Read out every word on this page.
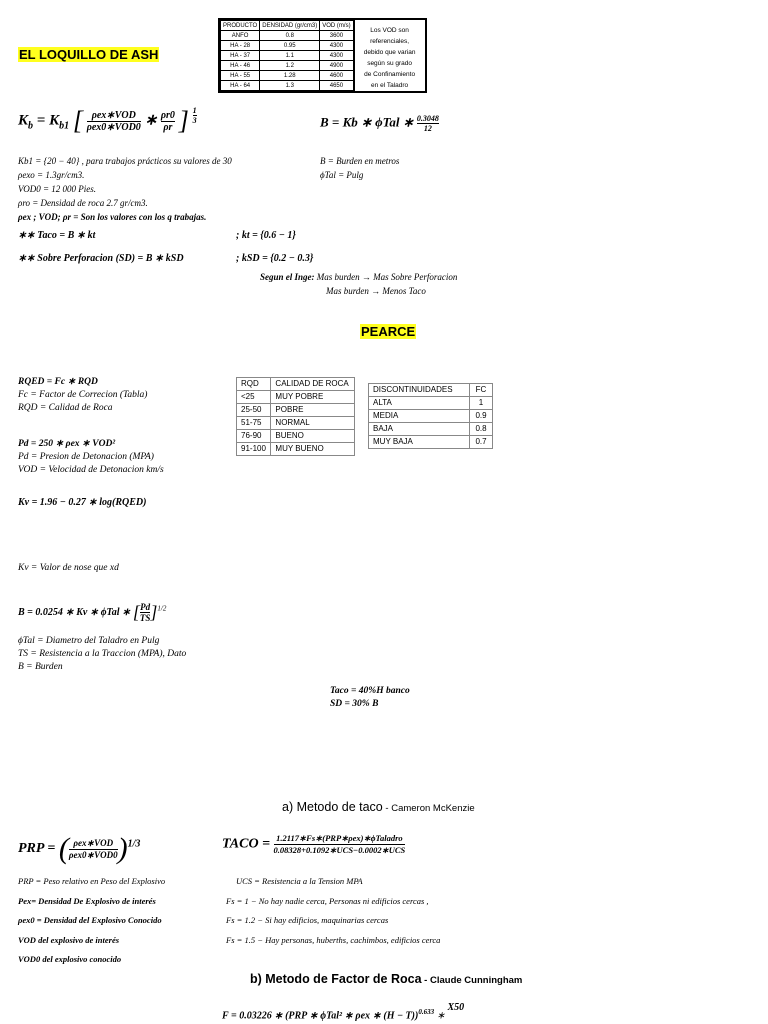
EL LOQUILLO DE ASH
PRODUCTO	DENSIDAD (gr/cm3)	VOD (m/s)
ANFO	0.8	3600
HA - 28	0.95	4300
HA - 37	1.1	4300
HA - 46	1.2	4900
HA - 55	1.28	4600
HA - 64	1.3	4650
Los VOD son
referenciales,
debido que varian
según su grado
de Confinamiento
en el Taladro
$K_b = K_{b1}$ [ $\frac{\text{ρex∗VOD}}{\text{ρex0∗VOD0}}$ ∗ $\frac{\rho r0}{\rho r}$ ] $\frac{1}{3}$	B = Kb ∗ ϕTal ∗ $\frac{0.3048}{12}$
Kb1 = {20 − 40} , para trabajos prácticos su valores de 30
ρexo = 1.3gr/cm3.
VOD0 = 12 000 Pies.
ρro = Densidad de roca 2.7 gr/cm3.
ρex ; VOD; ρr = Son los valores con los q trabajas.
B = Burden en metros
ϕTal = Pulg
∗∗ Taco = B ∗ kt	; kt = {0.6 − 1}
∗∗ Sobre Perforacion (SD) = B ∗ kSD	; kSD = {0.2 − 0.3}
Segun el Inge: Mas burden → Mas Sobre Perforacion
Mas burden → Menos Taco
PEARCE
RQED = Fc ∗ RQD
Fc = Factor de Correcion (Tabla)
RQD = Calidad de Roca
Pd = 250 ∗ ρex ∗ VOD²
Pd = Presion de Detonacion (MPA)
VOD = Velocidad de Detonacion km/s
Kv = 1.96 − 0.27 ∗ log(RQED)
Kv = Valor de nose que xd
B = 0.0254 ∗ Kv ∗ ϕTal ∗ [ $\frac{Pd}{TS} ]^{1/2}$
ϕTal = Diametro del Taladro en Pulg
TS = Resistencia a la Traccion (MPA), Dato
B = Burden
Taco = 40%H banco
SD = 30% B
RQD	CALIDAD DE ROCA
<25	MUY POBRE
25-50	POBRE
51-75	NORMAL
76-90	BUENO
91-100	MUY BUENO
DISCONTINUIDADES	FC
ALTA	1
MEDIA	0.9
BAJA	0.8
MUY BAJA	0.7
a) Metodo de taco - Cameron McKenzie
PRP = ( $\frac{\text{ρex∗VOD}}{\text{ρex0∗VOD0}} )^{1/3}$	TACO = $\frac{\text{1.2117∗Fs∗(PRP∗ρex)∗ϕTaladro}}{\text{0.08328+0.1092∗UCS−0.0002∗UCS}}$
PRP = Peso relativo en Peso del Explosivo
Pex= Densidad De Explosivo de interés
ρex0 = Densidad del Explosivo Conocido
VOD del explosivo de interés
VOD0 del explosivo conocido
UCS = Resistencia a la Tension MPA
Fs = 1 − No hay nadie cerca, Personas ni edificios cercas ,
Fs = 1.2 − Si hay edificios, maquinarias cercas
Fs = 1.5 − Hay personas, huberths, cachimbos, edificios cerca
b) Metodo de Factor de Roca - Claude Cunningham
F = 0.03226 ∗ (PRP ∗ ϕTal² ∗ ρex ∗ (H − T))$^{0.633}$ ∗ X50
